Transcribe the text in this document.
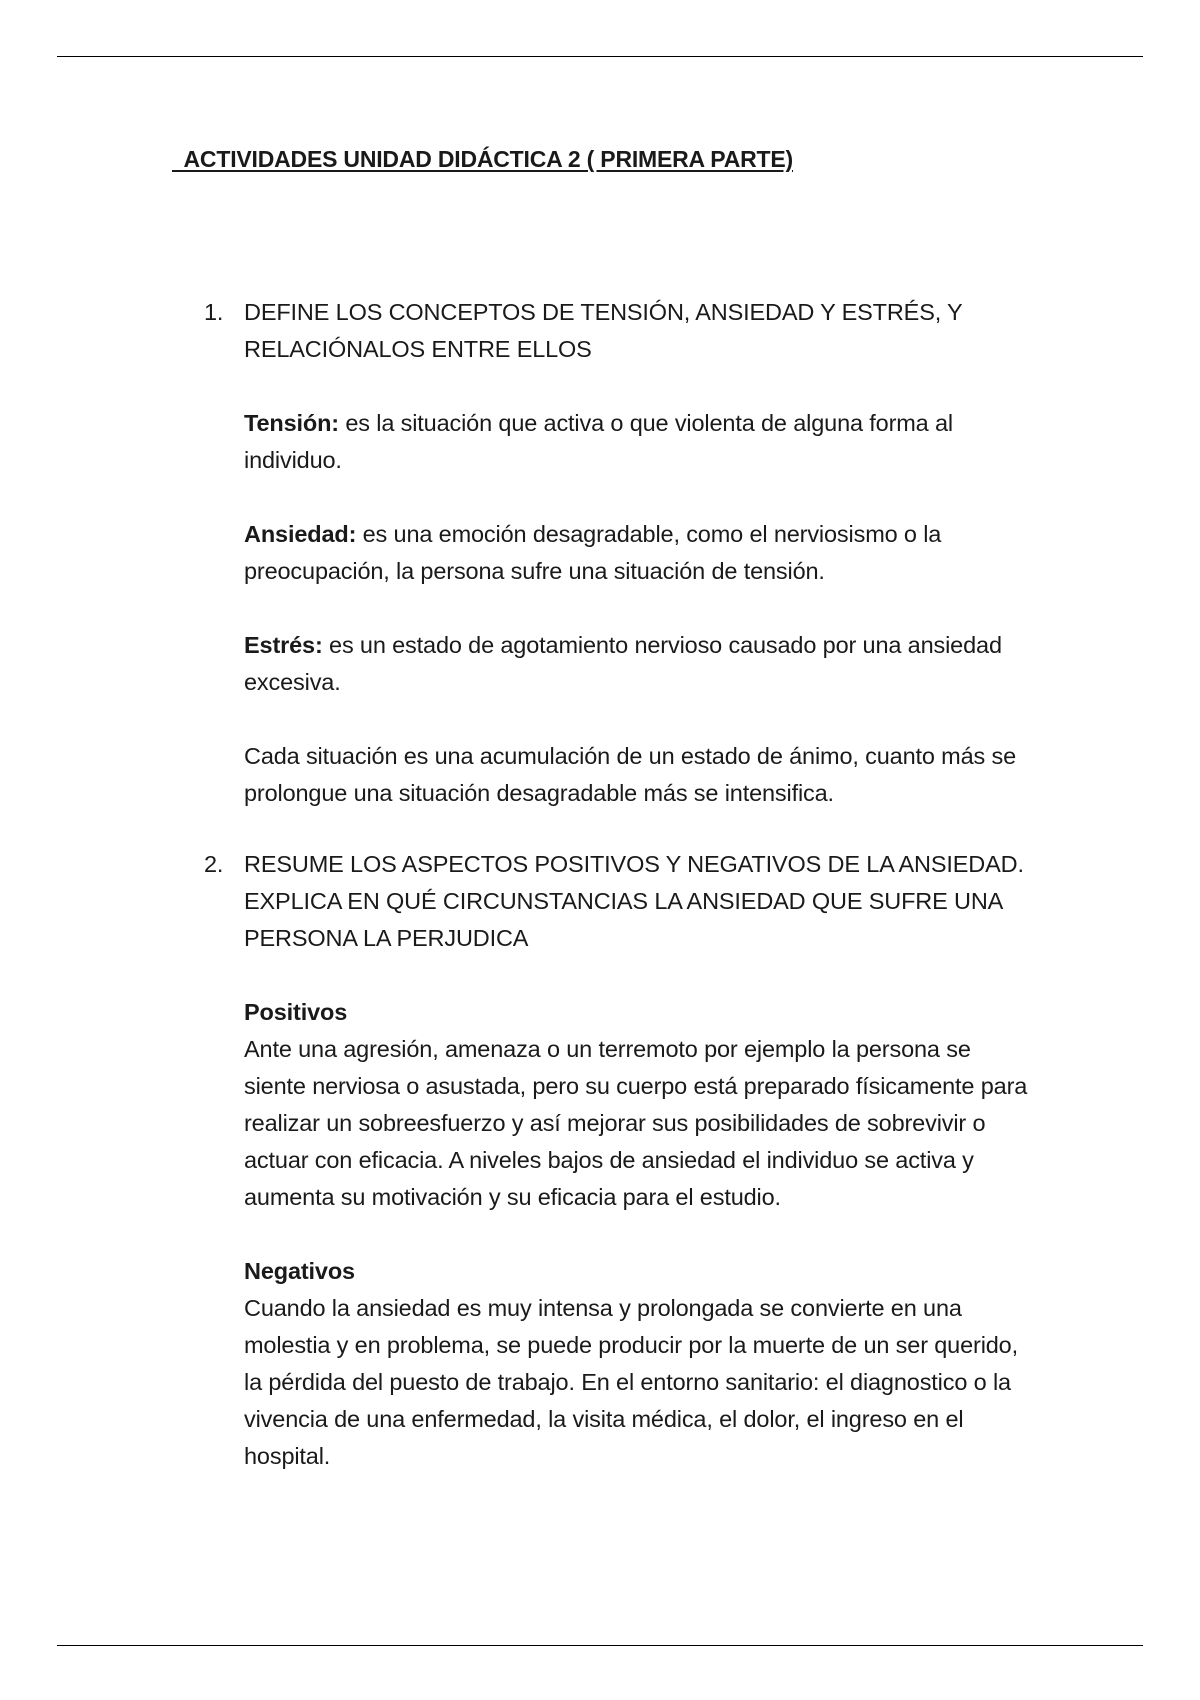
ACTIVIDADES UNIDAD DIDÁCTICA 2 ( PRIMERA PARTE)
1. DEFINE LOS CONCEPTOS DE TENSIÓN, ANSIEDAD Y ESTRÉS, Y
RELACIÓNALOS ENTRE ELLOS

Tensión: es la situación que activa o que violenta de alguna forma al individuo.

Ansiedad: es una emoción desagradable, como el nerviosismo o la preocupación, la persona sufre una situación de tensión.

Estrés: es un estado de agotamiento nervioso causado por una ansiedad excesiva.

Cada situación es una acumulación de un estado de ánimo, cuanto más se prolongue una situación desagradable más se intensifica.

2. RESUME LOS ASPECTOS POSITIVOS Y NEGATIVOS DE LA ANSIEDAD.
EXPLICA EN QUÉ CIRCUNSTANCIAS LA ANSIEDAD QUE SUFRE UNA
PERSONA LA PERJUDICA

Positivos
Ante una agresión, amenaza o un terremoto por ejemplo la persona se siente nerviosa o asustada, pero su cuerpo está preparado físicamente para realizar un sobreesfuerzo y así mejorar sus posibilidades de sobrevivir o actuar con eficacia. A niveles bajos de ansiedad el individuo se activa y aumenta su motivación y su eficacia para el estudio.

Negativos
Cuando la ansiedad es muy intensa y prolongada se convierte en una molestia y en problema, se puede producir por la muerte de un ser querido, la pérdida del puesto de trabajo. En el entorno sanitario: el diagnostico o la vivencia de una enfermedad, la visita médica, el dolor, el ingreso en el hospital.
